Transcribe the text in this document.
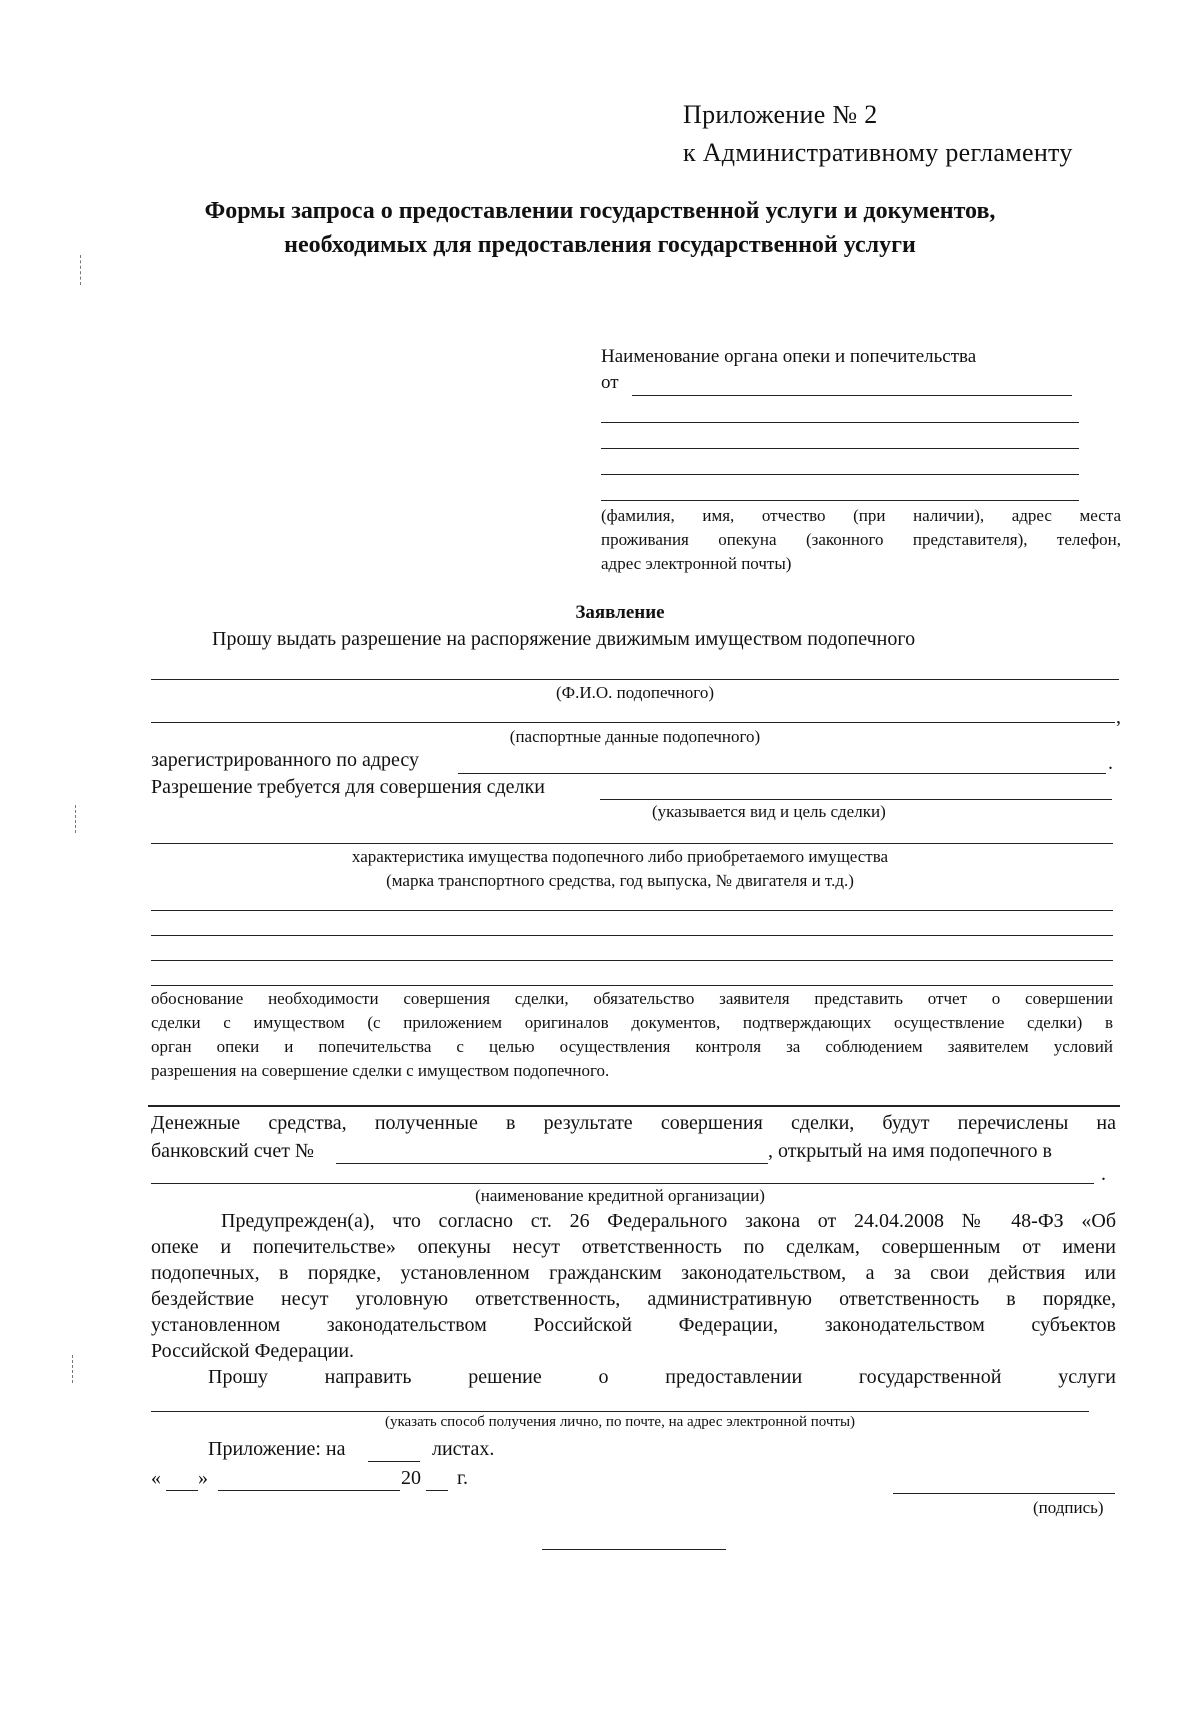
Приложение № 2
к Административному регламенту
Формы запроса о предоставлении государственной услуги и документов,
необходимых для предоставления государственной услуги
Наименование органа опеки и попечительства
от
(фамилия, имя, отчество (при наличии), адрес места
проживания опекуна (законного представителя), телефон,
адрес электронной почты)
Заявление
Прошу выдать разрешение на распоряжение движимым имуществом подопечного
(Ф.И.О. подопечного)
,
(паспортные данные подопечного)
зарегистрированного по адресу	.
Разрешение требуется для совершения сделки
(указывается вид и цель сделки)
характеристика имущества подопечного либо приобретаемого имущества
(марка транспортного средства, год выпуска, № двигателя и т.д.)
обоснование необходимости совершения сделки, обязательство заявителя представить отчет о совершении
сделки с имуществом (с приложением оригиналов документов, подтверждающих осуществление сделки) в
орган опеки и попечительства с целью осуществления контроля за соблюдением заявителем условий
разрешения на совершение сделки с имуществом подопечного.
Денежные средства, полученные в результате совершения сделки, будут перечислены на
банковский счет №	, открытый на имя подопечного в
.
(наименование кредитной организации)
Предупрежден(а), что согласно ст. 26 Федерального закона от 24.04.2008 № 48-ФЗ «Об
опеке и попечительстве» опекуны несут ответственность по сделкам, совершенным от имени
подопечных, в порядке, установленном гражданским законодательством, а за свои действия или
бездействие несут уголовную ответственность, административную ответственность в порядке,
установленном законодательством Российской Федерации, законодательством субъектов
Российской Федерации.
Прошу направить решение о предоставлении государственной услуги
(указать способ получения лично, по почте, на адрес электронной почты)
Приложение: на	листах.
« »	20 г.
(подпись)
